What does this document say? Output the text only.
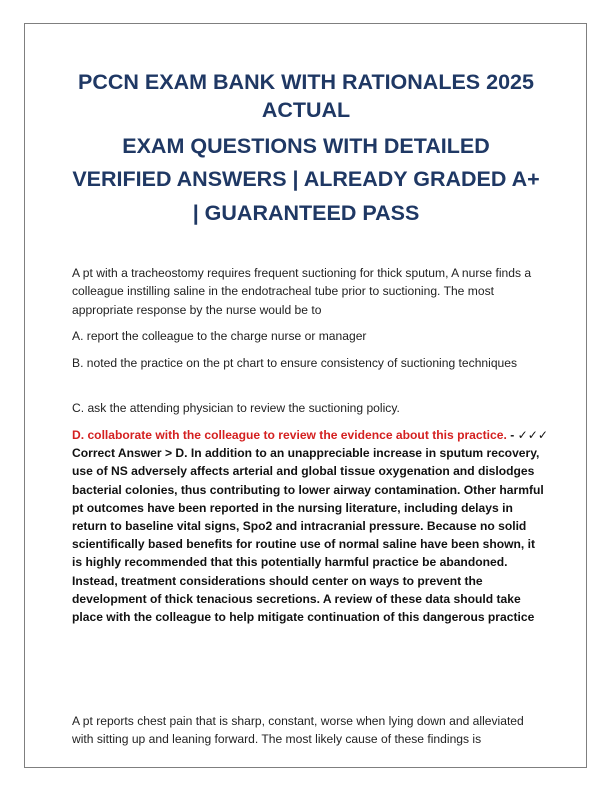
PCCN EXAM BANK WITH RATIONALES 2025
ACTUAL
EXAM QUESTIONS WITH DETAILED
VERIFIED ANSWERS | ALREADY GRADED A+
| GUARANTEED PASS
A pt with a tracheostomy requires frequent suctioning for thick sputum, A nurse finds a colleague instilling saline in the endotracheal tube prior to suctioning. The most appropriate response by the nurse would be to
A. report the colleague to the charge nurse or manager
B. noted the practice on the pt chart to ensure consistency of suctioning techniques
C. ask the attending physician to review the suctioning policy.
D. collaborate with the colleague to review the evidence about this practice. - ✓✓✓ Correct Answer > D. In addition to an unappreciable increase in sputum recovery, use of NS adversely affects arterial and global tissue oxygenation and dislodges bacterial colonies, thus contributing to lower airway contamination. Other harmful pt outcomes have been reported in the nursing literature, including delays in return to baseline vital signs, Spo2 and intracranial pressure. Because no solid scientifically based benefits for routine use of normal saline have been shown, it is highly recommended that this potentially harmful practice be abandoned. Instead, treatment considerations should center on ways to prevent the development of thick tenacious secretions. A review of these data should take place with the colleague to help mitigate continuation of this dangerous practice
A pt reports chest pain that is sharp, constant, worse when lying down and alleviated with sitting up and leaning forward. The most likely cause of these findings is
